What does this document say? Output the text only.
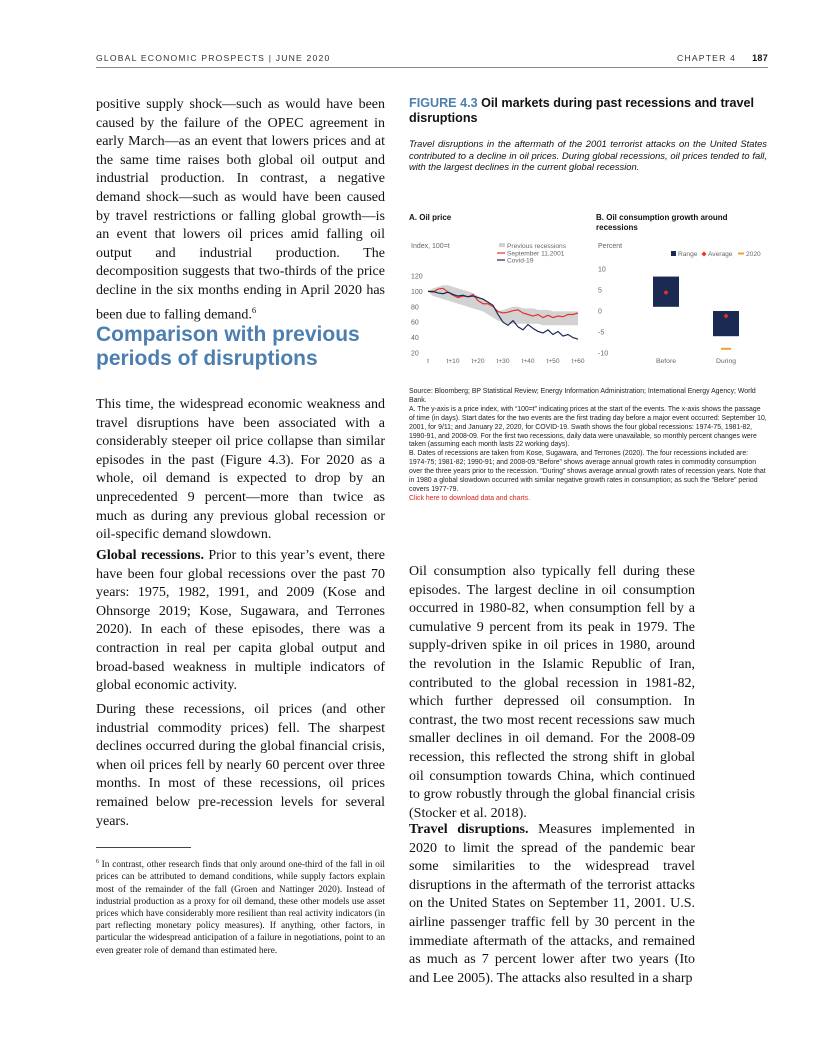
GLOBAL ECONOMIC PROSPECTS | JUNE 2020	CHAPTER 4 187

positive supply shock—such as would have been caused by the failure of the OPEC agreement in early March—as an event that lowers prices and at the same time raises both global oil output and industrial production. In contrast, a negative demand shock—such as would have been caused by travel restrictions or falling global growth—is an event that lowers oil prices amid falling oil output and industrial production. The decomposition suggests that two-thirds of the price decline in the six months ending in April 2020 has been due to falling demand.$^6$

Comparison with previous periods of disruptions

This time, the widespread economic weakness and travel disruptions have been associated with a considerably steeper oil price collapse than similar episodes in the past (Figure 4.3). For 2020 as a whole, oil demand is expected to drop by an unprecedented 9 percent—more than twice as much as during any previous global recession or oil-specific demand slowdown.

Global recessions. Prior to this year’s event, there have been four global recessions over the past 70 years: 1975, 1982, 1991, and 2009 (Kose and Ohnsorge 2019; Kose, Sugawara, and Terrones 2020). In each of these episodes, there was a contraction in real per capita global output and broad-based weakness in multiple indicators of global economic activity.

During these recessions, oil prices (and other industrial commodity prices) fell. The sharpest declines occurred during the global financial crisis, when oil prices fell by nearly 60 percent over three months. In most of these recessions, oil prices remained below pre-recession levels for several years.

$^6$ In contrast, other research finds that only around one-third of the fall in oil prices can be attributed to demand conditions, while supply factors explain most of the remainder of the fall (Groen and Nattinger 2020). Instead of industrial production as a proxy for oil demand, these other models use asset prices which have considerably more resilient than real activity indicators (in part reflecting monetary policy measures). If anything, other factors, in particular the widespread anticipation of a failure in negotiations, point to an even greater role of demand than estimated here.
FIGURE 4.3 Oil markets during past recessions and travel disruptions

Travel disruptions in the aftermath of the 2001 terrorist attacks on the United States contributed to a decline in oil prices. During global recessions, oil prices tended to fall, with the largest declines in the current global recession.

A. Oil price	B. Oil consumption growth around recessions

Index, 100=t	Previous recessions
September 11,2001
Covid-19
120
100
80
60
40
20
t	t+10 t+20 t+30 t+40 t+50 t+60
Percent
Range Average 2020
10
5
0
-5
-10
Before	During

Source: Bloomberg; BP Statistical Review; Energy Information Administration; International Energy Agency; World Bank.

A. The y-axis is a price index, with “100=t” indicating prices at the start of the events. The x-axis shows the passage of time (in days). Start dates for the two events are the first trading day before a major event occurred: September 10, 2001, for 9/11; and January 22, 2020, for COVID-19. Swath shows the four global recessions: 1974-75, 1981-82, 1990-91, and 2008-09. For the first two recessions, daily data were unavailable, so monthly percent changes were taken (assuming each month lasts 22 working days).

B. Dates of recessions are taken from Kose, Sugawara, and Terrones (2020). The four recessions included are: 1974-75; 1981-82; 1990-91; and 2008-09.“Before” shows average annual growth rates in commodity consumption over the three years prior to the recession. “During” shows average annual growth rates of recession years. Note that in 1980 a global slowdown occurred with similar negative growth rates in consumption; as such the “Before” period covers 1977-79.

Click here to download data and charts.

Oil consumption also typically fell during these episodes. The largest decline in oil consumption occurred in 1980-82, when consumption fell by a cumulative 9 percent from its peak in 1979. The supply-driven spike in oil prices in 1980, around the revolution in the Islamic Republic of Iran, contributed to the global recession in 1981-82, which further depressed oil consumption. In contrast, the two most recent recessions saw much smaller declines in oil demand. For the 2008-09 recession, this reflected the strong shift in global oil consumption towards China, which continued to grow robustly through the global financial crisis (Stocker et al. 2018).

Travel disruptions. Measures implemented in 2020 to limit the spread of the pandemic bear some similarities to the widespread travel disruptions in the aftermath of the terrorist attacks on the United States on September 11, 2001. U.S. airline passenger traffic fell by 30 percent in the immediate aftermath of the attacks, and remained as much as 7 percent lower after two years (Ito and Lee 2005). The attacks also resulted in a sharp
